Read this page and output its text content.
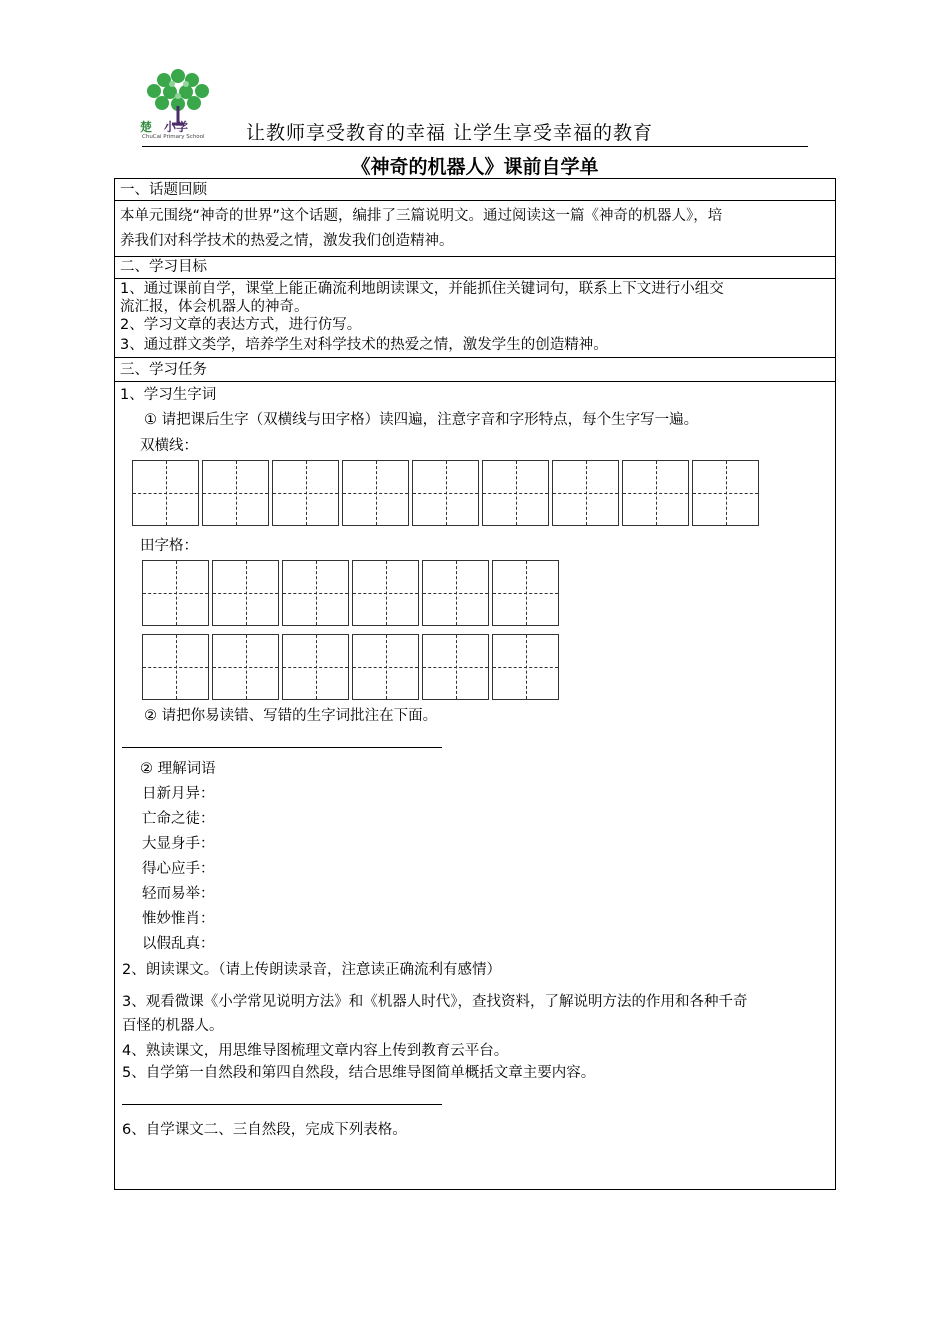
楚 小学
ChuCai Primary School 让教师享受教育的幸福 让学生享受幸福的教育
《神奇的机器人》课前自学单
一、话题回顾
本单元围绕“神奇的世界”这个话题，编排了三篇说明文。通过阅读这一篇《神奇的机器人》，培
养我们对科学技术的热爱之情，激发我们创造精神。
二、学习目标
1、通过课前自学，课堂上能正确流利地朗读课文，并能抓住关键词句，联系上下文进行小组交
流汇报，体会机器人的神奇。
2、学习文章的表达方式，进行仿写。
3、通过群文类学，培养学生对科学技术的热爱之情，激发学生的创造精神。
三、学习任务
1、学习生字词
① 请把课后生字（双横线与田字格）读四遍，注意字音和字形特点，每个生字写一遍。
双横线：
田字格：
② 请把你易读错、写错的生字词批注在下面。
② 理解词语
日新月异：
亡命之徒：
大显身手：
得心应手：
轻而易举：
惟妙惟肖：
以假乱真：
2、朗读课文。（请上传朗读录音，注意读正确流利有感情）
3、观看微课《小学常见说明方法》和《机器人时代》，查找资料，了解说明方法的作用和各种千奇
百怪的机器人。
4、熟读课文，用思维导图梳理文章内容上传到教育云平台。
5、自学第一自然段和第四自然段，结合思维导图简单概括文章主要内容。
6、自学课文二、三自然段，完成下列表格。
